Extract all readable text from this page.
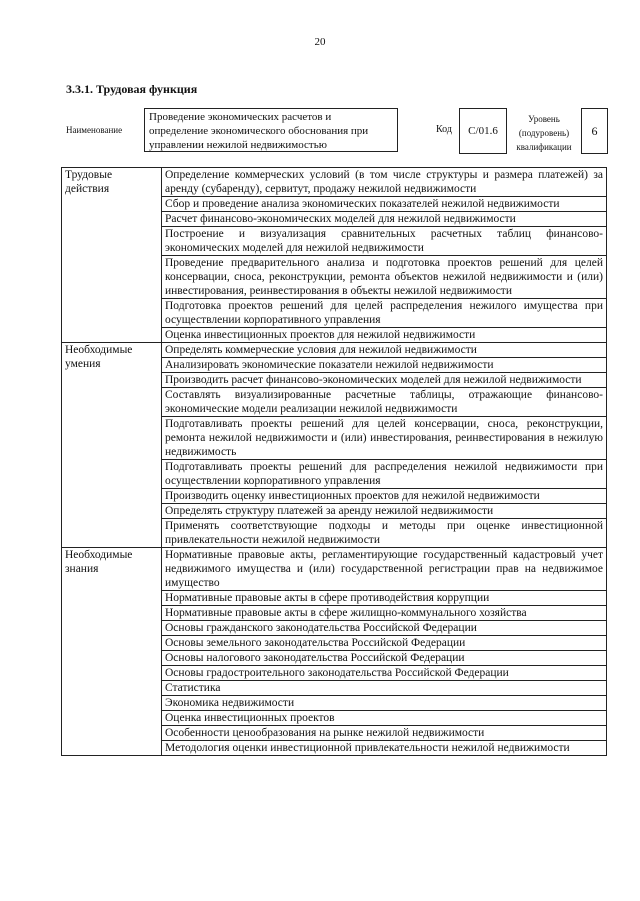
20
3.3.1. Трудовая функция
Наименование
Проведение экономических расчетов и определение экономического обоснования при управлении нежилой недвижимостью
Код	С/01.6
Уровень (подуровень) квалификации
6
Трудовые действия	Определение коммерческих условий (в том числе структуры и размера платежей) за аренду (субаренду), сервитут, продажу нежилой недвижимости
	Сбор и проведение анализа экономических показателей нежилой недвижимости
	Расчет финансово-экономических моделей для нежилой недвижимости
	Построение и визуализация сравнительных расчетных таблиц финансово-экономических моделей для нежилой недвижимости
	Проведение предварительного анализа и подготовка проектов решений для целей консервации, сноса, реконструкции, ремонта объектов нежилой недвижимости и (или) инвестирования, реинвестирования в объекты нежилой недвижимости
	Подготовка проектов решений для целей распределения нежилого имущества при осуществлении корпоративного управления
	Оценка инвестиционных проектов для нежилой недвижимости
Необходимые умения	Определять коммерческие условия для нежилой недвижимости
	Анализировать экономические показатели нежилой недвижимости
	Производить расчет финансово-экономических моделей для нежилой недвижимости
	Составлять визуализированные расчетные таблицы, отражающие финансово-экономические модели реализации нежилой недвижимости
	Подготавливать проекты решений для целей консервации, сноса, реконструкции, ремонта нежилой недвижимости и (или) инвестирования, реинвестирования в нежилую недвижимость
	Подготавливать проекты решений для распределения нежилой недвижимости при осуществлении корпоративного управления
	Производить оценку инвестиционных проектов для нежилой недвижимости
	Определять структуру платежей за аренду нежилой недвижимости
	Применять соответствующие подходы и методы при оценке инвестиционной привлекательности нежилой недвижимости
Необходимые знания	Нормативные правовые акты, регламентирующие государственный кадастровый учет недвижимого имущества и (или) государственной регистрации прав на недвижимое имущество
	Нормативные правовые акты в сфере противодействия коррупции
	Нормативные правовые акты в сфере жилищно-коммунального хозяйства
	Основы гражданского законодательства Российской Федерации
	Основы земельного законодательства Российской Федерации
	Основы налогового законодательства Российской Федерации
	Основы градостроительного законодательства Российской Федерации
	Статистика
	Экономика недвижимости
	Оценка инвестиционных проектов
	Особенности ценообразования на рынке нежилой недвижимости
	Методология оценки инвестиционной привлекательности нежилой недвижимости
